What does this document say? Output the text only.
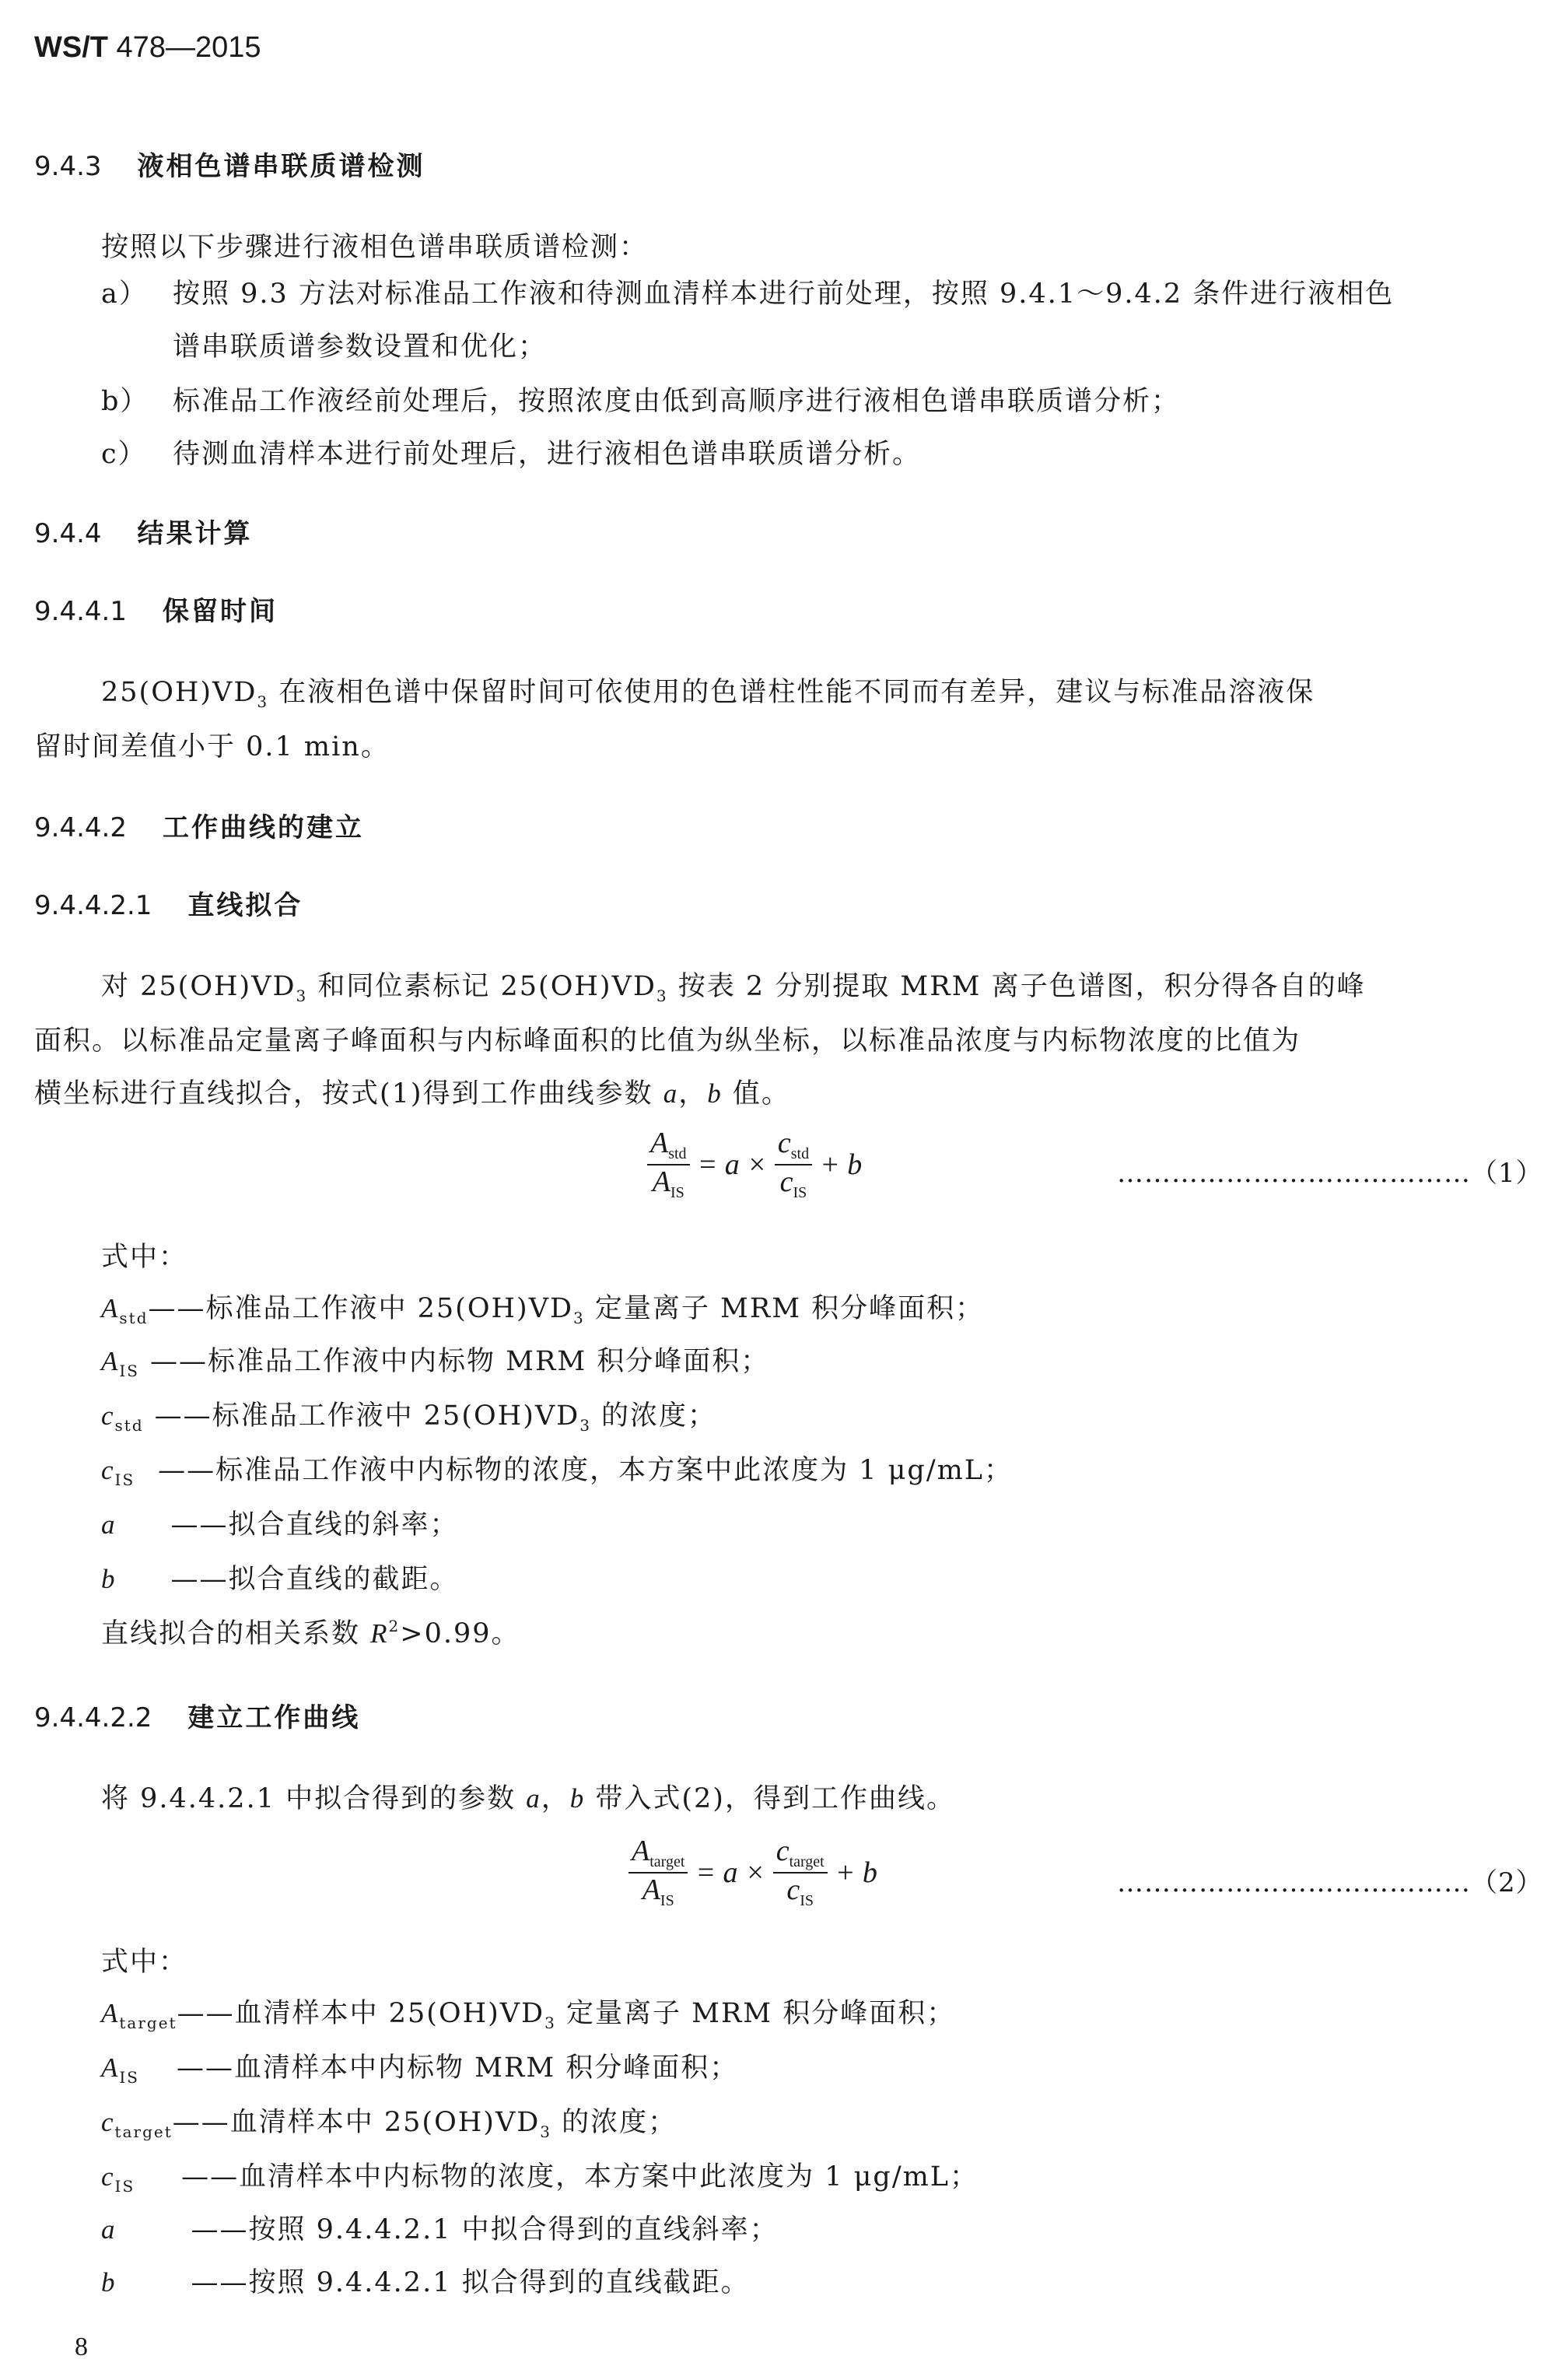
WS/T 478—2015
9.4.3 液相色谱串联质谱检测
按照以下步骤进行液相色谱串联质谱检测：
a） 按照 9.3 方法对标准品工作液和待测血清样本进行前处理，按照 9.4.1～9.4.2 条件进行液相色
谱串联质谱参数设置和优化；
b） 标准品工作液经前处理后，按照浓度由低到高顺序进行液相色谱串联质谱分析；
c） 待测血清样本进行前处理后，进行液相色谱串联质谱分析。
9.4.4 结果计算
9.4.4.1 保留时间
$25(OH)VD_3$ 在液相色谱中保留时间可依使用的色谱柱性能不同而有差异，建议与标准品溶液保
留时间差值小于 0.1 min。
9.4.4.2 工作曲线的建立
9.4.4.2.1 直线拟合
对 $25(OH)VD_3$ 和同位素标记 $25(OH)VD_3$ 按表 2 分别提取 MRM 离子色谱图，积分得各自的峰
面积。以标准品定量离子峰面积与内标峰面积的比值为纵坐标，以标准品浓度与内标物浓度的比值为
横坐标进行直线拟合，按式(1)得到工作曲线参数 a，b 值。
$\frac{A_{std}}{A_{IS}} = a \times \frac{c_{std}}{c_{IS}} + b$	…………………………………（1）
式中：
$A_{std}——$标准品工作液中 $25(OH)VD_3$ 定量离子 MRM 积分峰面积；
$A_{IS}$ ——标准品工作液中内标物 MRM 积分峰面积；
$c_{std}$ ——标准品工作液中 $25(OH)VD_3$ 的浓度；
$c_{IS}$ ——标准品工作液中内标物的浓度，本方案中此浓度为 1 μg/mL；
a ——拟合直线的斜率；
b ——拟合直线的截距。
直线拟合的相关系数 $R^2>0.99$。
9.4.4.2.2 建立工作曲线
将 9.4.4.2.1 中拟合得到的参数 a，b 带入式(2)，得到工作曲线。
$\frac{A_{target}}{A_{IS}} = a \times \frac{c_{target}}{c_{IS}} + b$	…………………………………（2）
式中：
$A_{target}——$血清样本中 $25(OH)VD_3$ 定量离子 MRM 积分峰面积；
$A_{IS}$ ——血清样本中内标物 MRM 积分峰面积；
$c_{target}——$血清样本中 $25(OH)VD_3$ 的浓度；
$c_{IS}$ ——血清样本中内标物的浓度，本方案中此浓度为 1 μg/mL；
a	——按照 9.4.4.2.1 中拟合得到的直线斜率；
b	——按照 9.4.4.2.1 拟合得到的直线截距。
8
